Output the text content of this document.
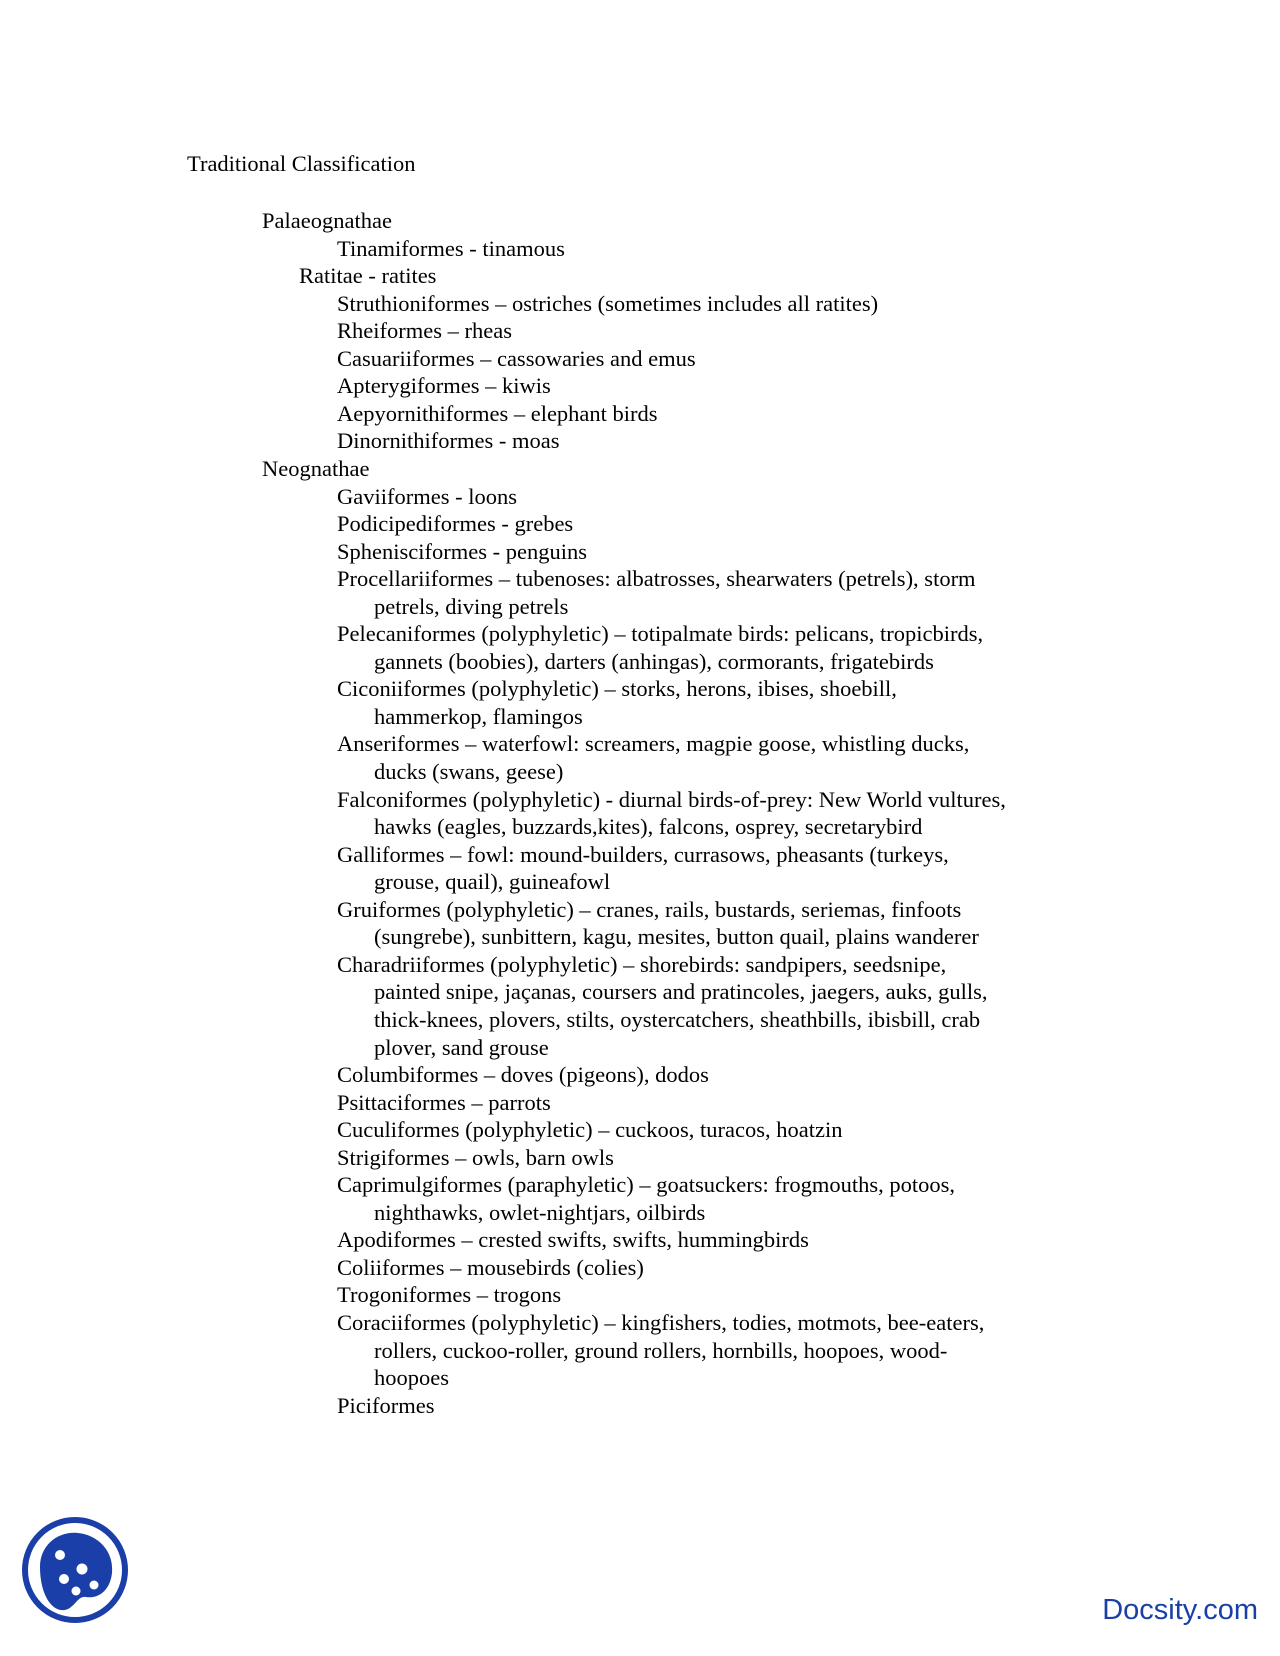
Traditional Classification
Palaeognathae
Tinamiformes - tinamous
Ratitae - ratites
Struthioniformes – ostriches (sometimes includes all ratites)
Rheiformes – rheas
Casuariiformes – cassowaries and emus
Apterygiformes – kiwis
Aepyornithiformes – elephant birds
Dinornithiformes - moas
Neognathae
Gaviiformes - loons
Podicipediformes - grebes
Sphenisciformes - penguins
Procellariiformes – tubenoses: albatrosses, shearwaters (petrels), storm
petrels, diving petrels
Pelecaniformes (polyphyletic) – totipalmate birds: pelicans, tropicbirds,
gannets (boobies), darters (anhingas), cormorants, frigatebirds
Ciconiiformes (polyphyletic) – storks, herons, ibises, shoebill,
hammerkop, flamingos
Anseriformes – waterfowl: screamers, magpie goose, whistling ducks,
ducks (swans, geese)
Falconiformes (polyphyletic) - diurnal birds-of-prey: New World vultures,
hawks (eagles, buzzards,kites), falcons, osprey, secretarybird
Galliformes – fowl: mound-builders, currasows, pheasants (turkeys,
grouse, quail), guineafowl
Gruiformes (polyphyletic) – cranes, rails, bustards, seriemas, finfoots
(sungrebe), sunbittern, kagu, mesites, button quail, plains wanderer
Charadriiformes (polyphyletic) – shorebirds: sandpipers, seedsnipe,
painted snipe, jaçanas, coursers and pratincoles, jaegers, auks, gulls,
thick-knees, plovers, stilts, oystercatchers, sheathbills, ibisbill, crab
plover, sand grouse
Columbiformes – doves (pigeons), dodos
Psittaciformes – parrots
Cuculiformes (polyphyletic) – cuckoos, turacos, hoatzin
Strigiformes – owls, barn owls
Caprimulgiformes (paraphyletic) – goatsuckers: frogmouths, potoos,
nighthawks, owlet-nightjars, oilbirds
Apodiformes – crested swifts, swifts, hummingbirds
Coliiformes – mousebirds (colies)
Trogoniformes – trogons
Coraciiformes (polyphyletic) – kingfishers, todies, motmots, bee-eaters,
rollers, cuckoo-roller, ground rollers, hornbills, hoopoes, wood-
hoopoes
Piciformes
Docsity.com
